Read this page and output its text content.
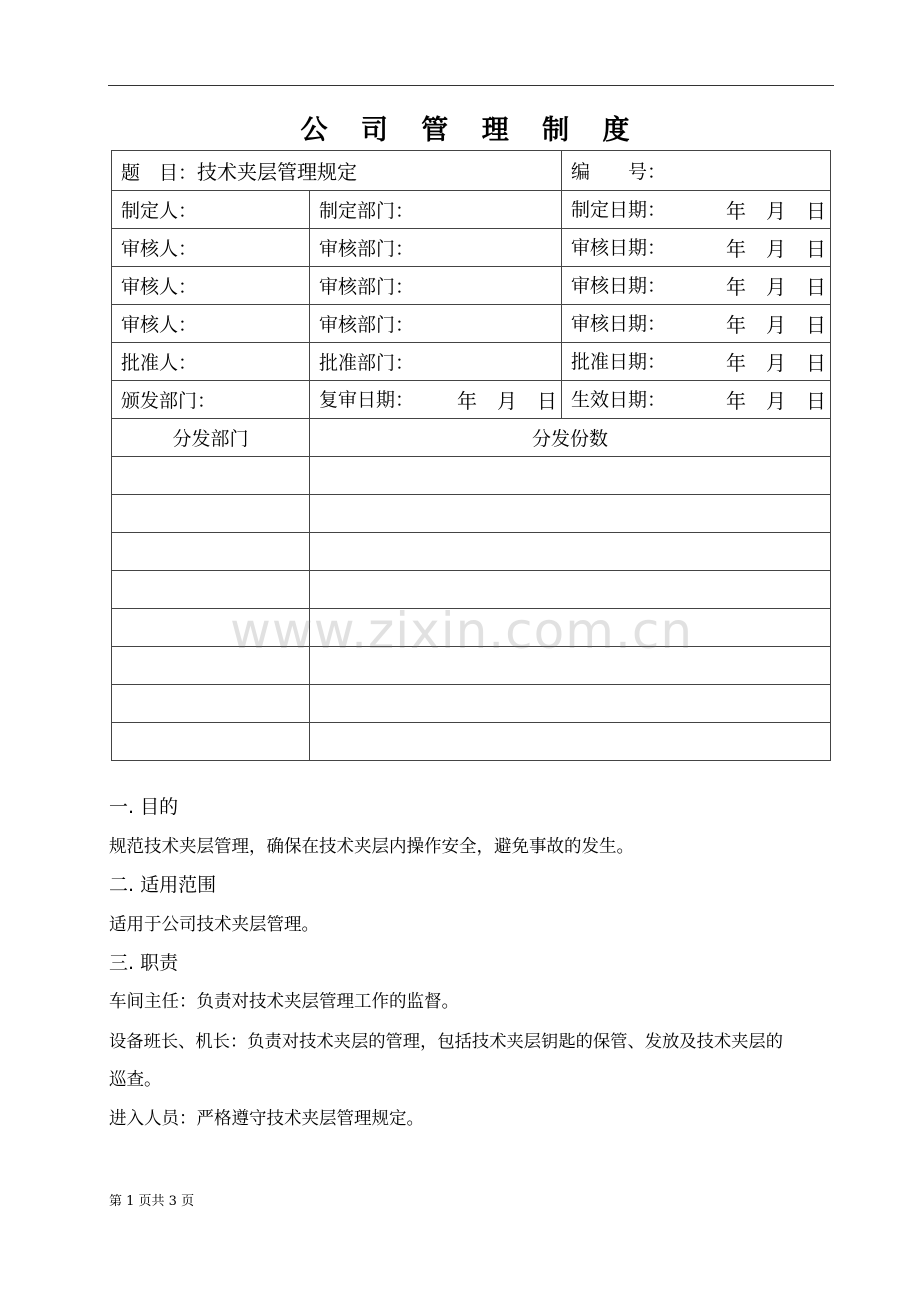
公 司 管 理 制 度
题　目：技术夹层管理规定		编　　号：
制定人：	制定部门：	制定日期： 年 月 日

审核人：	审核部门：	审核日期： 年 月 日

审核人：	审核部门：	审核日期： 年 月 日

审核人：	审核部门：	审核日期： 年 月 日

批准人：	批准部门：	批准日期： 年 月 日

颁发部门：	复审日期： 年 月 日	生效日期： 年 月 日

分发部门	分发份数	

www.zixin.com.cn
一. 目的
规范技术夹层管理，确保在技术夹层内操作安全，避免事故的发生。
二. 适用范围
适用于公司技术夹层管理。
三. 职责
车间主任：负责对技术夹层管理工作的监督。
设备班长、机长：负责对技术夹层的管理，包括技术夹层钥匙的保管、发放及技术夹层的
巡查。
进入人员：严格遵守技术夹层管理规定。
第 1 页共 3 页
